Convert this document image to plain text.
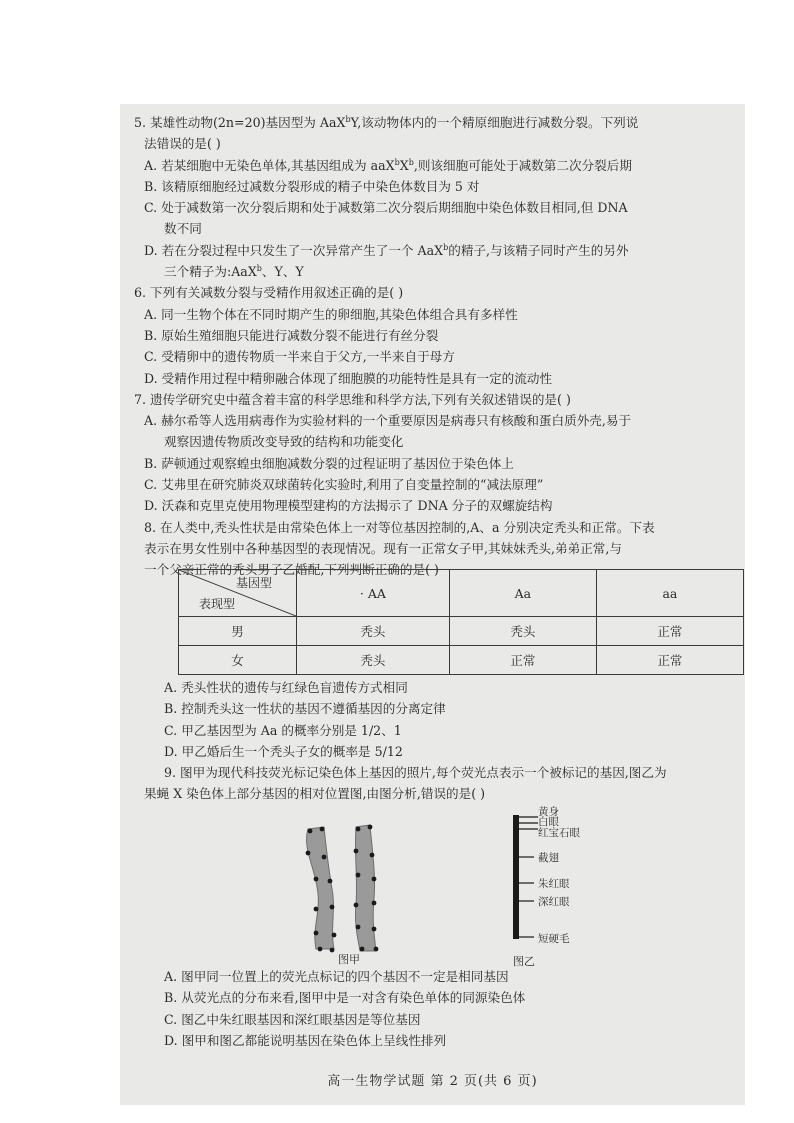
5. 某雄性动物(2n=20)基因型为 AaX$^b$Y,该动物体内的一个精原细胞进行减数分裂。下列说
法错误的是( )
A. 若某细胞中无染色单体,其基因组成为 $aaX^bX^b$,则该细胞可能处于减数第二次分裂后期
B. 该精原细胞经过减数分裂形成的精子中染色体数目为 5 对
C. 处于减数第一次分裂后期和处于减数第二次分裂后期细胞中染色体数目相同,但 DNA
数不同
D. 若在分裂过程中只发生了一次异常产生了一个 AaX$^b$的精子,与该精子同时产生的另外
三个精子为:AaX$^b$、Y、Y
6. 下列有关减数分裂与受精作用叙述正确的是( )
A. 同一生物个体在不同时期产生的卵细胞,其染色体组合具有多样性
B. 原始生殖细胞只能进行减数分裂不能进行有丝分裂
C. 受精卵中的遗传物质一半来自于父方,一半来自于母方
D. 受精作用过程中精卵融合体现了细胞膜的功能特性是具有一定的流动性
7. 遗传学研究史中蕴含着丰富的科学思维和科学方法,下列有关叙述错误的是( )
A. 赫尔希等人选用病毒作为实验材料的一个重要原因是病毒只有核酸和蛋白质外壳,易于
观察因遗传物质改变导致的结构和功能变化
B. 萨顿通过观察蝗虫细胞减数分裂的过程证明了基因位于染色体上
C. 艾弗里在研究肺炎双球菌转化实验时,利用了自变量控制的“减法原理”
D. 沃森和克里克使用物理模型建构的方法揭示了 DNA 分子的双螺旋结构
8. 在人类中,秃头性状是由常染色体上一对等位基因控制的,A、a 分别决定秃头和正常。下表
表示在男女性别中各种基因型的表现情况。现有一正常女子甲,其妹妹秃头,弟弟正常,与
一个父亲正常的秃头男子乙婚配,下列判断正确的是( )
基因型
表现型	· AA	Aa	aa
男	秃头	秃头	正常
女	秃头	正常	正常
A. 秃头性状的遗传与红绿色盲遗传方式相同
B. 控制秃头这一性状的基因不遵循基因的分离定律
C. 甲乙基因型为 Aa 的概率分别是 1/2、1
D. 甲乙婚后生一个秃头子女的概率是 5/12
9. 图甲为现代科技荧光标记染色体上基因的照片,每个荧光点表示一个被标记的基因,图乙为
果蝇 X 染色体上部分基因的相对位置图,由图分析,错误的是( )
黄身
白眼
红宝石眼
截翅
朱红眼
深红眼
短硬毛
图甲	图乙
A. 图甲同一位置上的荧光点标记的四个基因不一定是相同基因
B. 从荧光点的分布来看,图甲中是一对含有染色单体的同源染色体
C. 图乙中朱红眼基因和深红眼基因是等位基因
D. 图甲和图乙都能说明基因在染色体上呈线性排列
高一生物学试题 第 2 页(共 6 页)
